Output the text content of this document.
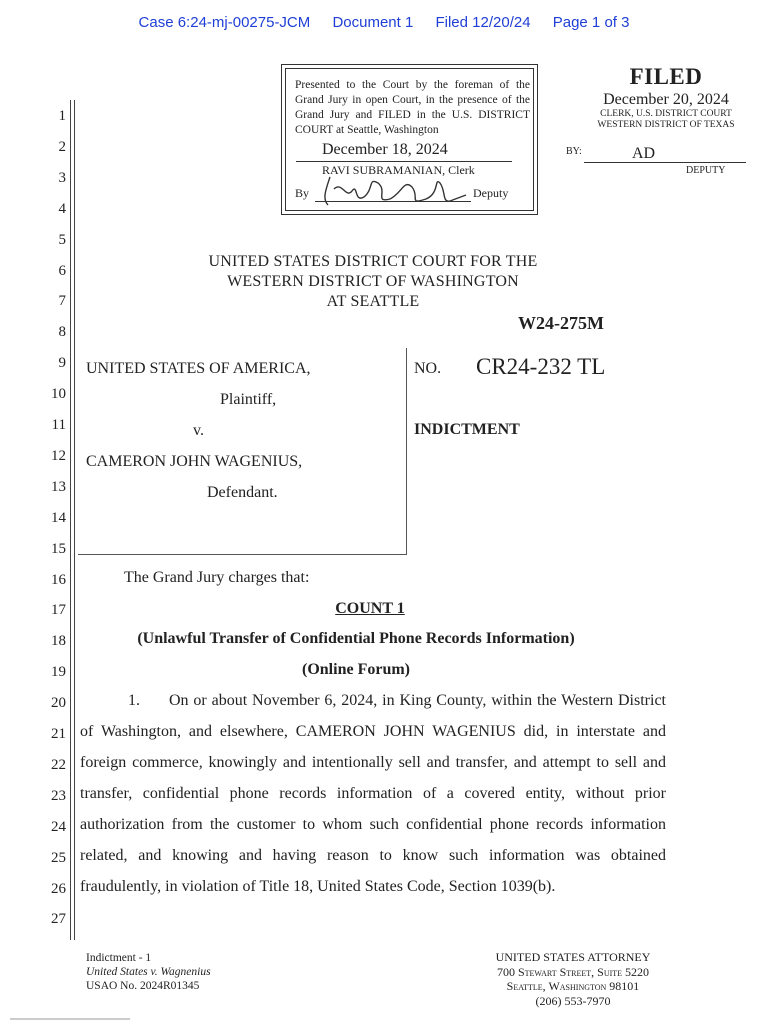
Case 6:24-mj-00275-JCM Document 1 Filed 12/20/24 Page 1 of 3
Presented to the Court by the foreman of the Grand Jury in open Court, in the presence of the Grand Jury and FILED in the U.S. DISTRICT COURT at Seattle, Washington
December 18, 2024
RAVI SUBRAMANIAN, Clerk
By	Deputy
FILED
December 20, 2024
CLERK, U.S. DISTRICT COURT
WESTERN DISTRICT OF TEXAS
BY:	AD
DEPUTY
1
2
3
4
5
6
7
8
9
10
11
12
13
14
15
16
17
18
19
20
21
22
23
24
25
26
27
UNITED STATES DISTRICT COURT FOR THE
WESTERN DISTRICT OF WASHINGTON
AT SEATTLE
W24-275M
UNITED STATES OF AMERICA,
Plaintiff,
v.
CAMERON JOHN WAGENIUS,
Defendant.
NO. CR24-232 TL
INDICTMENT
The Grand Jury charges that:
COUNT 1
(Unlawful Transfer of Confidential Phone Records Information)
(Online Forum)
1. On or about November 6, 2024, in King County, within the Western District
of Washington, and elsewhere, CAMERON JOHN WAGENIUS did, in interstate and
foreign commerce, knowingly and intentionally sell and transfer, and attempt to sell and
transfer, confidential phone records information of a covered entity, without prior
authorization from the customer to whom such confidential phone records information
related, and knowing and having reason to know such information was obtained
fraudulently, in violation of Title 18, United States Code, Section 1039(b).
Indictment - 1
United States v. Wagnenius
USAO No. 2024R01345
UNITED STATES ATTORNEY
700 Stewart Street, Suite 5220
Seattle, Washington 98101
(206) 553-7970
